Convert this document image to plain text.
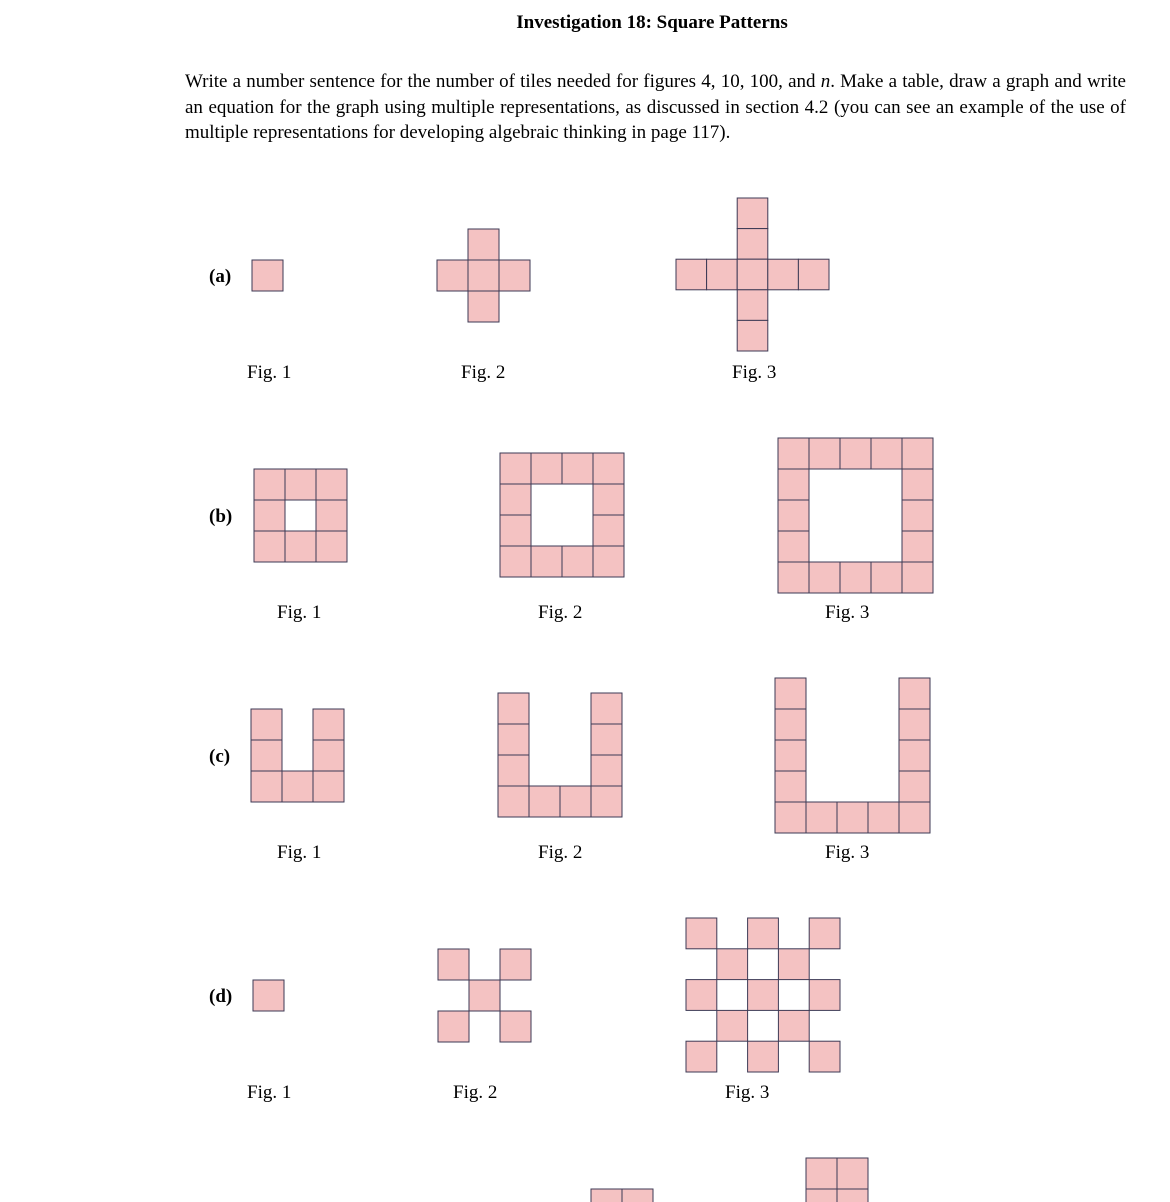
Investigation 18: Square Patterns
Write a number sentence for the number of tiles needed for figures 4, 10, 100, and n. Make a table, draw a graph and write an equation for the graph using multiple representations, as discussed in section 4.2 (you can see an example of the use of multiple representations for developing algebraic thinking in page 117).
(a)
Fig. 1	Fig. 2	Fig. 3
(b)
Fig. 1	Fig. 2	Fig. 3
(c)
Fig. 1	Fig. 2	Fig. 3
(d)
Fig. 1	Fig. 2	Fig. 3
